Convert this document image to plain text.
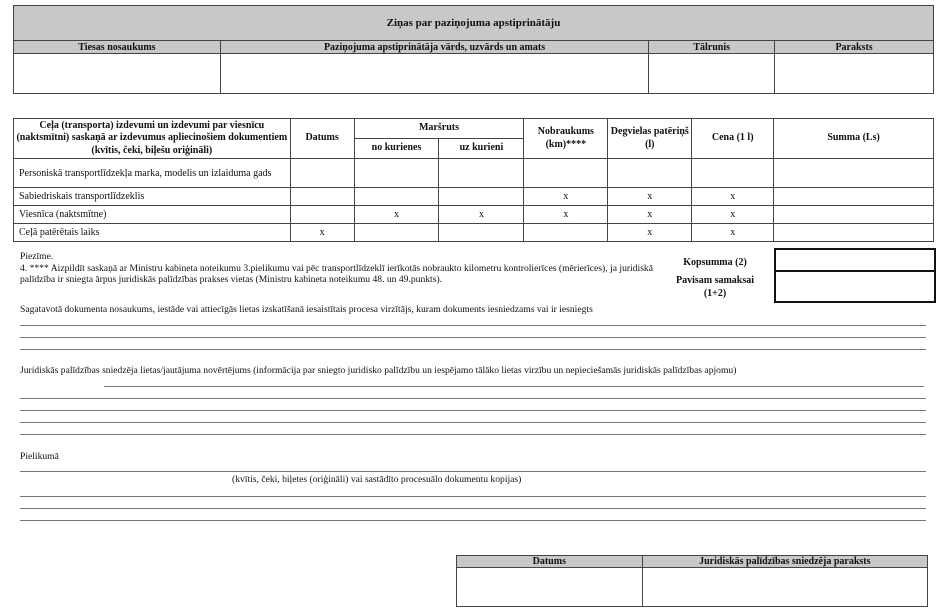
Ziņas par paziņojuma apstiprinātāju			
Tiesas nosaukums	Paziņojuma apstiprinātāja vārds, uzvārds un amats	Tālrunis	Paraksts

Ceļa (transporta) izdevumi un izdevumi par viesnīcu (naktsmītni) saskaņā ar izdevumus apliecinošiem dokumentiem (kvītis, čeki, biļešu oriģināli)	Datums	Maršruts		Nobraukums (km)****	Degvielas patēriņš (l)	Cena (1 l)	Summa (Ls)
		no kurienes	uz kurieni				
Personiskā transportlīdzekļa marka, modelis un izlaiduma gads							
Sabiedriskais transportlīdzeklis				x	x	x	
Viesnīca (naktsmītne)		x	x	x	x	x	
Ceļā patērētais laiks	x				x	x	
Piezīme.
4. **** Aizpildīt saskaņā ar Ministru kabineta noteikumu 3.pielikumu vai pēc transportlīdzeklī ierīkotās nobraukto kilometru kontrolierīces (mērierīces), ja juridiskā palīdzība ir sniegta ārpus juridiskās palīdzības prakses vietas (Ministru kabineta noteikumu 48. un 49.punkts).
Kopsumma (2)
Pavisam samaksai (1+2)
Sagatavotā dokumenta nosaukums, iestāde vai attiecīgās lietas izskatīšanā iesaistītais procesa virzītājs, kuram dokuments iesniedzams vai ir iesniegts
Juridiskās palīdzības sniedzēja lietas/jautājuma novērtējums (informācija par sniegto juridisko palīdzību un iespējamo tālāko lietas virzību un nepieciešamās juridiskās palīdzības apjomu)
Pielikumā
(kvītis, čeki, biļetes (oriģināli) vai sastādīto procesuālo dokumentu kopijas)
Datums	Juridiskās palīdzības sniedzēja paraksts
